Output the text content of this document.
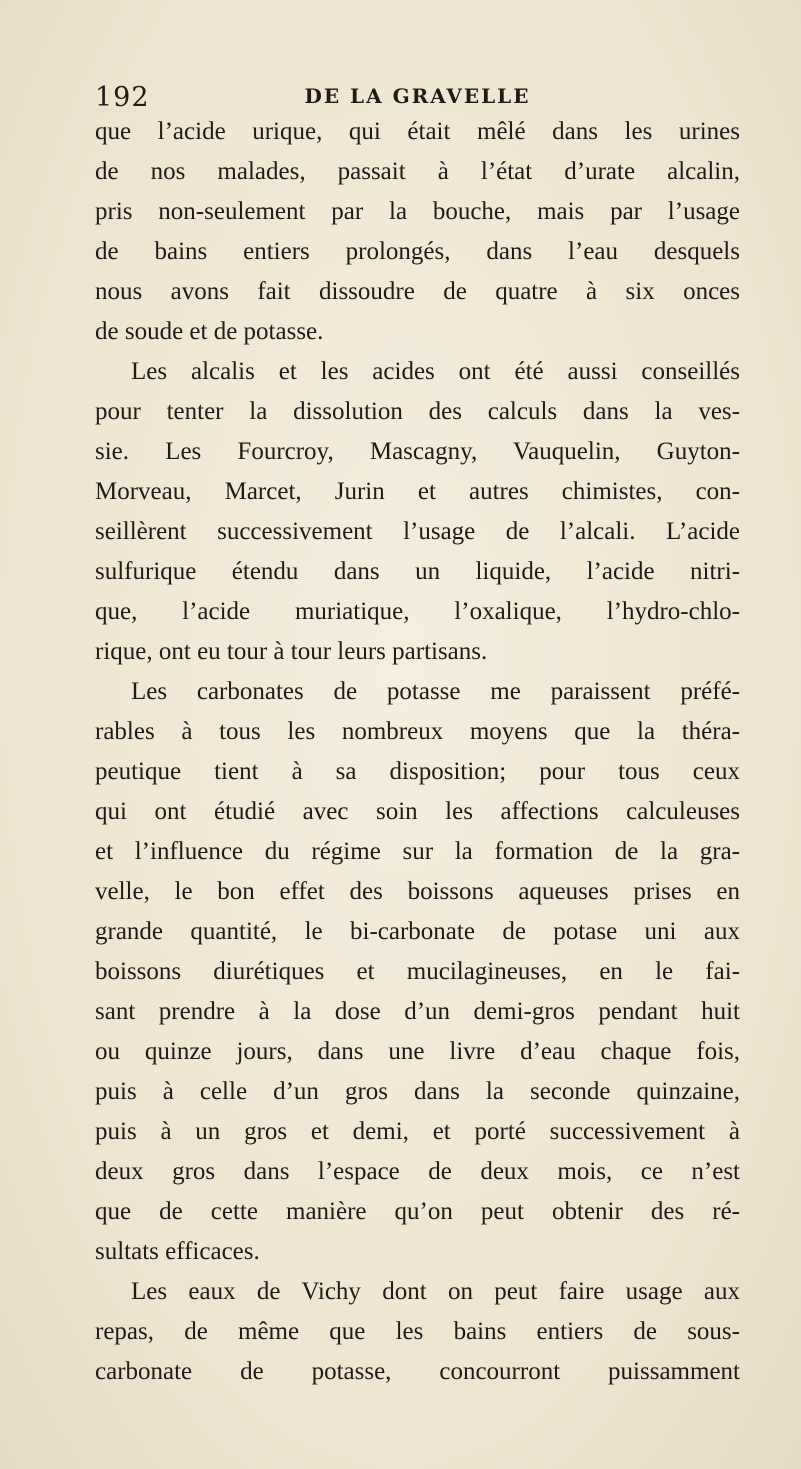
192	DE LA GRAVELLE
que l’acide urique, qui était mêlé dans les urines
de nos malades, passait à l’état d’urate alcalin,
pris non-seulement par la bouche, mais par l’usage
de bains entiers prolongés, dans l’eau desquels
nous avons fait dissoudre de quatre à six onces
de soude et de potasse.
Les alcalis et les acides ont été aussi conseillés
pour tenter la dissolution des calculs dans la ves-
sie. Les Fourcroy, Mascagny, Vauquelin, Guyton-
Morveau, Marcet, Jurin et autres chimistes, con-
seillèrent successivement l’usage de l’alcali. L’acide
sulfurique étendu dans un liquide, l’acide nitri-
que, l’acide muriatique, l’oxalique, l’hydro-chlo-
rique, ont eu tour à tour leurs partisans.
Les carbonates de potasse me paraissent préfé-
rables à tous les nombreux moyens que la théra-
peutique tient à sa disposition; pour tous ceux
qui ont étudié avec soin les affections calculeuses
et l’influence du régime sur la formation de la gra-
velle, le bon effet des boissons aqueuses prises en
grande quantité, le bi-carbonate de potase uni aux
boissons diurétiques et mucilagineuses, en le fai-
sant prendre à la dose d’un demi-gros pendant huit
ou quinze jours, dans une livre d’eau chaque fois,
puis à celle d’un gros dans la seconde quinzaine,
puis à un gros et demi, et porté successivement à
deux gros dans l’espace de deux mois, ce n’est
que de cette manière qu’on peut obtenir des ré-
sultats efficaces.
Les eaux de Vichy dont on peut faire usage aux
repas, de même que les bains entiers de sous-
carbonate de potasse, concourront puissamment
